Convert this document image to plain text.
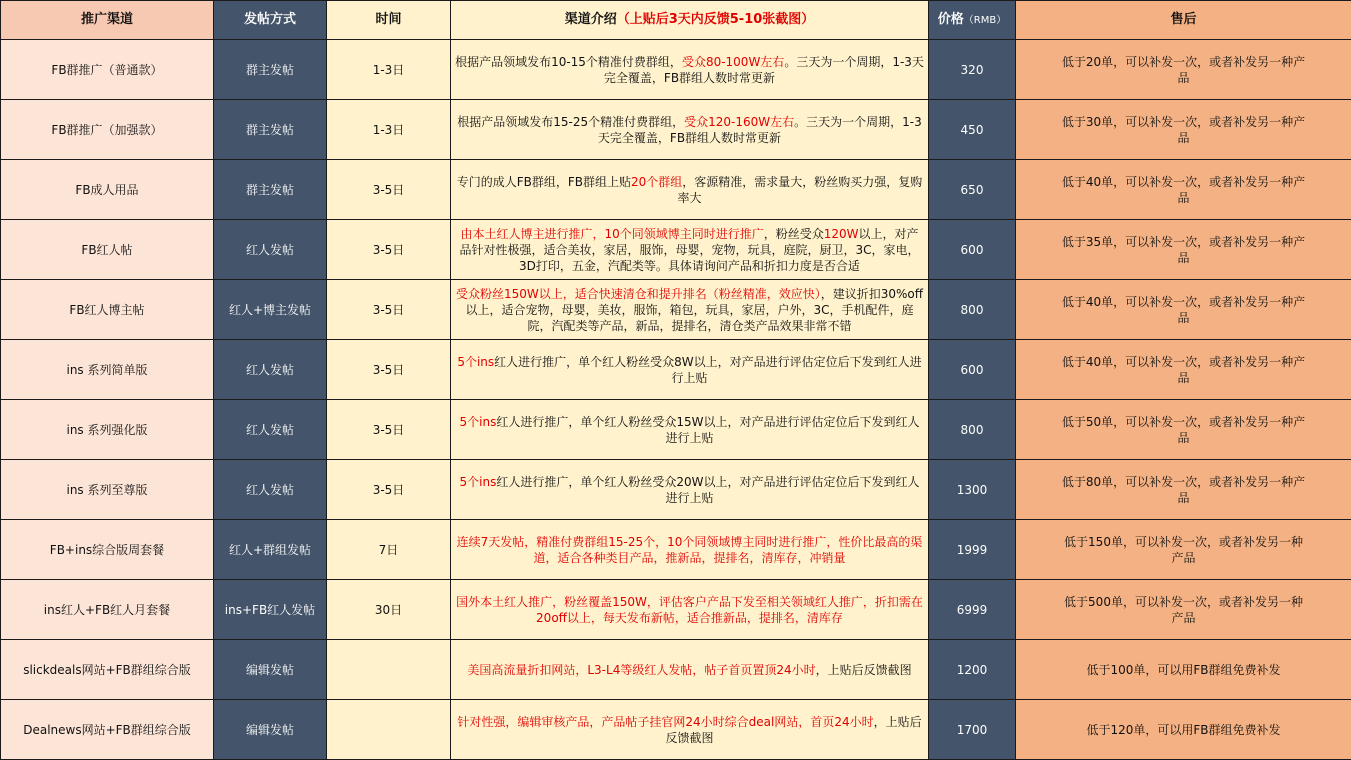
推广渠道	发帖方式	时间	渠道介绍（上贴后3天内反馈5-10张截图）	价格（RMB）	售后
FB群推广（普通款）	群主发帖	1-3日	根据产品领域发布10-15个精准付费群组，受众80-100W左右。三天为一个周期，1-3天完全覆盖，FB群组人数时常更新	320	低于20单，可以补发一次，或者补发另一种产品
FB群推广（加强款）	群主发帖	1-3日	根据产品领域发布15-25个精准付费群组，受众120-160W左右。三天为一个周期，1-3天完全覆盖，FB群组人数时常更新	450	低于30单，可以补发一次，或者补发另一种产品
FB成人用品	群主发帖	3-5日	专门的成人FB群组，FB群组上贴20个群组，客源精准，需求量大，粉丝购买力强，复购率大	650	低于40单，可以补发一次，或者补发另一种产品
FB红人帖	红人发帖	3-5日	由本土红人博主进行推广，10个同领域博主同时进行推广，粉丝受众120W以上，对产品针对性极强，适合美妆，家居，服饰，母婴，宠物，玩具，庭院，厨卫，3C，家电，3D打印，五金，汽配类等。具体请询问产品和折扣力度是否合适	600	低于35单，可以补发一次，或者补发另一种产品
FB红人博主帖	红人+博主发帖	3-5日	受众粉丝150W以上，适合快速清仓和提升排名（粉丝精准，效应快），建议折扣30%off以上，适合宠物，母婴，美妆，服饰，箱包，玩具，家居，户外，3C，手机配件，庭院，汽配类等产品，新品，提排名，清仓类产品效果非常不错	800	低于40单，可以补发一次，或者补发另一种产品
ins 系列简单版	红人发帖	3-5日	5个ins红人进行推广，单个红人粉丝受众8W以上，对产品进行评估定位后下发到红人进行上贴	600	低于40单，可以补发一次，或者补发另一种产品
ins 系列强化版	红人发帖	3-5日	5个ins红人进行推广，单个红人粉丝受众15W以上，对产品进行评估定位后下发到红人进行上贴	800	低于50单，可以补发一次，或者补发另一种产品
ins 系列至尊版	红人发帖	3-5日	5个ins红人进行推广，单个红人粉丝受众20W以上，对产品进行评估定位后下发到红人进行上贴	1300	低于80单，可以补发一次，或者补发另一种产品
FB+ins综合版周套餐	红人+群组发帖	7日	连续7天发帖，精准付费群组15-25个，10个同领域博主同时进行推广，性价比最高的渠道，适合各种类目产品，推新品，提排名，清库存，冲销量	1999	低于150单，可以补发一次，或者补发另一种产品
ins红人+FB红人月套餐	ins+FB红人发帖	30日	国外本土红人推广，粉丝覆盖150W，评估客户产品下发至相关领域红人推广，折扣需在20off以上，每天发布新帖，适合推新品，提排名，清库存	6999	低于500单，可以补发一次，或者补发另一种产品
slickdeals网站+FB群组综合版	编辑发帖		美国高流量折扣网站，L3-L4等级红人发帖，帖子首页置顶24小时，上贴后反馈截图	1200	低于100单，可以用FB群组免费补发
Dealnews网站+FB群组综合版	编辑发帖		针对性强，编辑审核产品，产品帖子挂官网24小时综合deal网站，首页24小时，上贴后反馈截图	1700	低于120单，可以用FB群组免费补发
